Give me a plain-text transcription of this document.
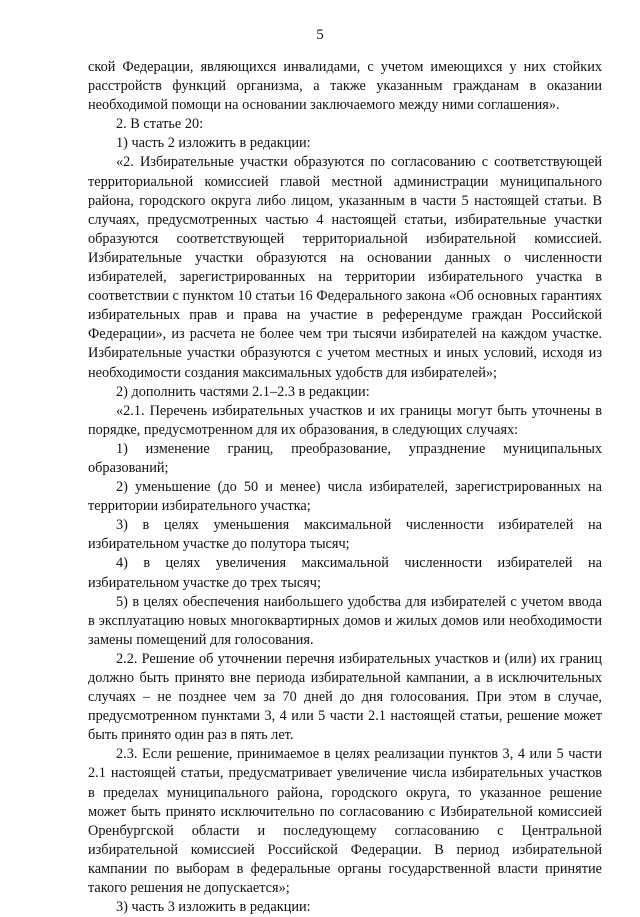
5

ской Федерации, являющихся инвалидами, с учетом имеющихся у них стойких расстройств функций организма, а также указанным гражданам в оказании необходимой помощи на основании заключаемого между ними соглашения».

2. В статье 20:

1) часть 2 изложить в редакции:

«2. Избирательные участки образуются по согласованию с соответствующей территориальной комиссией главой местной администрации муниципального района, городского округа либо лицом, указанным в части 5 настоящей статьи. В случаях, предусмотренных частью 4 настоящей статьи, избирательные участки образуются соответствующей территориальной избирательной комиссией. Избирательные участки образуются на основании данных о численности избирателей, зарегистрированных на территории избирательного участка в соответствии с пунктом 10 статьи 16 Федерального закона «Об основных гарантиях избирательных прав и права на участие в референдуме граждан Российской Федерации», из расчета не более чем три тысячи избирателей на каждом участке. Избирательные участки образуются с учетом местных и иных условий, исходя из необходимости создания максимальных удобств для избирателей»;

2) дополнить частями 2.1–2.3 в редакции:

«2.1. Перечень избирательных участков и их границы могут быть уточнены в порядке, предусмотренном для их образования, в следующих случаях:

1) изменение границ, преобразование, упразднение муниципальных образований;

2) уменьшение (до 50 и менее) числа избирателей, зарегистрированных на территории избирательного участка;

3) в целях уменьшения максимальной численности избирателей на избирательном участке до полутора тысяч;

4) в целях увеличения максимальной численности избирателей на избирательном участке до трех тысяч;

5) в целях обеспечения наибольшего удобства для избирателей с учетом ввода в эксплуатацию новых многоквартирных домов и жилых домов или необходимости замены помещений для голосования.

2.2. Решение об уточнении перечня избирательных участков и (или) их границ должно быть принято вне периода избирательной кампании, а в исключительных случаях – не позднее чем за 70 дней до дня голосования. При этом в случае, предусмотренном пунктами 3, 4 или 5 части 2.1 настоящей статьи, решение может быть принято один раз в пять лет.

2.3. Если решение, принимаемое в целях реализации пунктов 3, 4 или 5 части 2.1 настоящей статьи, предусматривает увеличение числа избирательных участков в пределах муниципального района, городского округа, то указанное решение может быть принято исключительно по согласованию с Избирательной комиссией Оренбургской области и последующему согласованию с Центральной избирательной комиссией Российской Федерации. В период избирательной кампании по выборам в федеральные органы государственной власти принятие такого решения не допускается»;

3) часть 3 изложить в редакции:
